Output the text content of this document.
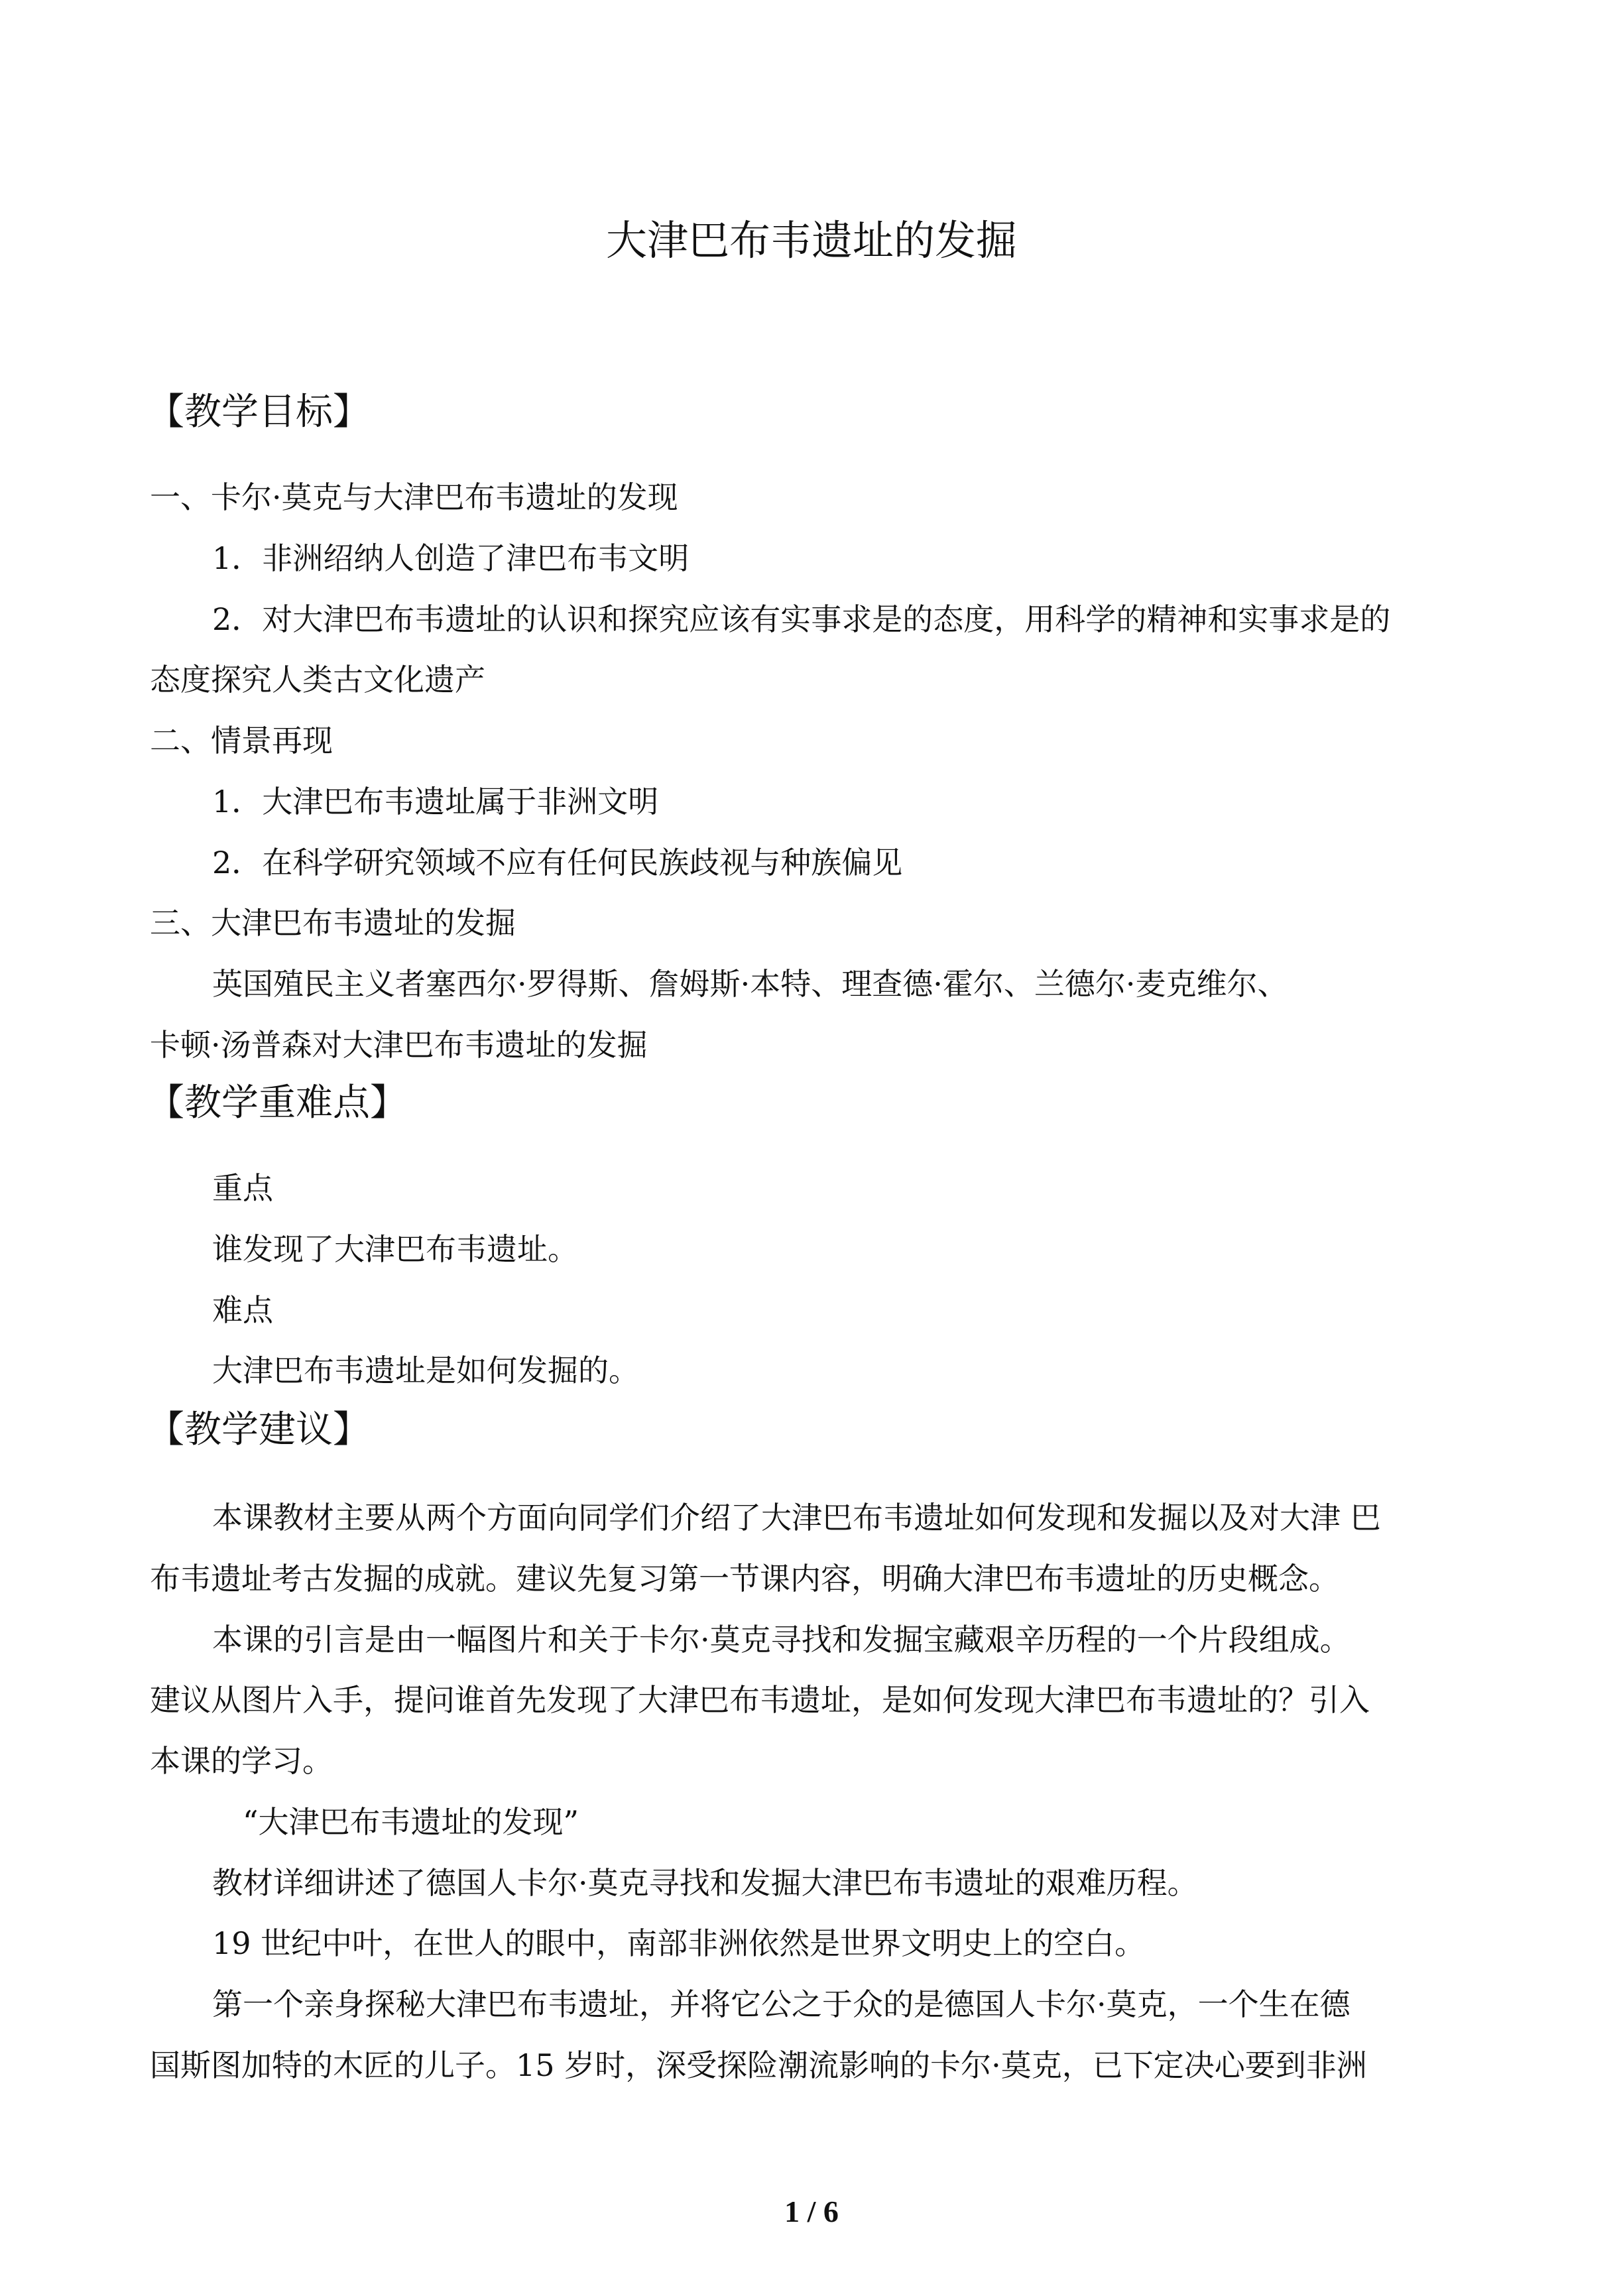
大津巴布韦遗址的发掘
【教学目标】
一、卡尔·莫克与大津巴布韦遗址的发现
1．非洲绍纳人创造了津巴布韦文明
2．对大津巴布韦遗址的认识和探究应该有实事求是的态度，用科学的精神和实事求是的
态度探究人类古文化遗产
二、情景再现
1．大津巴布韦遗址属于非洲文明
2．在科学研究领域不应有任何民族歧视与种族偏见
三、大津巴布韦遗址的发掘
英国殖民主义者塞西尔·罗得斯、詹姆斯·本特、理查德·霍尔、兰德尔·麦克维尔、
卡顿·汤普森对大津巴布韦遗址的发掘
【教学重难点】
重点
谁发现了大津巴布韦遗址。
难点
大津巴布韦遗址是如何发掘的。
【教学建议】
本课教材主要从两个方面向同学们介绍了大津巴布韦遗址如何发现和发掘以及对大津 巴
布韦遗址考古发掘的成就。建议先复习第一节课内容，明确大津巴布韦遗址的历史概念。
本课的引言是由一幅图片和关于卡尔·莫克寻找和发掘宝藏艰辛历程的一个片段组成。
建议从图片入手，提问谁首先发现了大津巴布韦遗址，是如何发现大津巴布韦遗址的？引入
本课的学习。
“大津巴布韦遗址的发现”
教材详细讲述了德国人卡尔·莫克寻找和发掘大津巴布韦遗址的艰难历程。
19 世纪中叶，在世人的眼中，南部非洲依然是世界文明史上的空白。
第一个亲身探秘大津巴布韦遗址，并将它公之于众的是德国人卡尔·莫克，一个生在德
国斯图加特的木匠的儿子。15 岁时，深受探险潮流影响的卡尔·莫克，已下定决心要到非洲
1 / 6
